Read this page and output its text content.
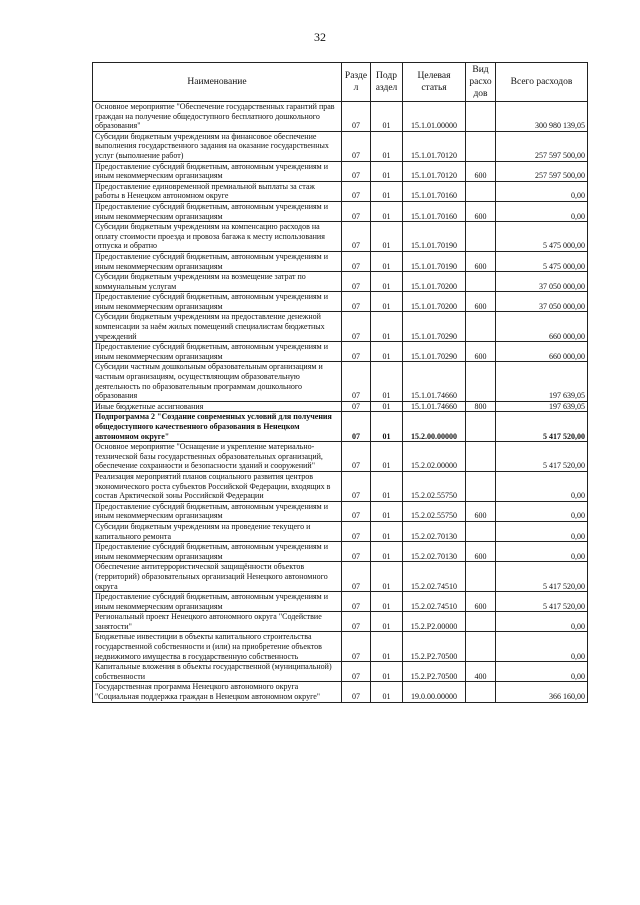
32
Наименование	Разде л	Подр аздел	Целевая статья	Вид расхо дов	Всего расходов
Основное мероприятие "Обеспечение государственных гарантий прав граждан на получение общедоступного бесплатного дошкольного образования"	07	01	15.1.01.00000		300 980 139,05
Субсидии бюджетным учреждениям на финансовое обеспечение выполнения государственного задания на оказание государственных услуг (выполнение работ)	07	01	15.1.01.70120		257 597 500,00
Предоставление субсидий бюджетным, автономным учреждениям и иным некоммерческим организациям	07	01	15.1.01.70120	600	257 597 500,00
Предоставление единовременной премиальной выплаты за стаж работы в Ненецком автономном округе	07	01	15.1.01.70160		0,00
Предоставление субсидий бюджетным, автономным учреждениям и иным некоммерческим организациям	07	01	15.1.01.70160	600	0,00
Субсидии бюджетным учреждениям на компенсацию расходов на оплату стоимости проезда и провоза багажа к месту использования отпуска и обратно	07	01	15.1.01.70190		5 475 000,00
Предоставление субсидий бюджетным, автономным учреждениям и иным некоммерческим организациям	07	01	15.1.01.70190	600	5 475 000,00
Субсидии бюджетным учреждениям на возмещение затрат по коммунальным услугам	07	01	15.1.01.70200		37 050 000,00
Предоставление субсидий бюджетным, автономным учреждениям и иным некоммерческим организациям	07	01	15.1.01.70200	600	37 050 000,00
Субсидии бюджетным учреждениям на предоставление денежной компенсации за наём жилых помещений специалистам бюджетных учреждений	07	01	15.1.01.70290		660 000,00
Предоставление субсидий бюджетным, автономным учреждениям и иным некоммерческим организациям	07	01	15.1.01.70290	600	660 000,00
Субсидии частным дошкольным образовательным организациям и частным организациям, осуществляющим образовательную деятельность по образовательным программам дошкольного образования	07	01	15.1.01.74660		197 639,05
Иные бюджетные ассигнования	07	01	15.1.01.74660	800	197 639,05
Подпрограмма 2 "Создание современных условий для получения общедоступного качественного образования в Ненецком автономном округе"	07	01	15.2.00.00000		5 417 520,00
Основное мероприятие "Оснащение и укрепление материально-технической базы государственных образовательных организаций, обеспечение сохранности и безопасности зданий и сооружений"	07	01	15.2.02.00000		5 417 520,00
Реализация мероприятий планов социального развития центров экономического роста субъектов Российской Федерации, входящих в состав Арктической зоны Российской Федерации	07	01	15.2.02.55750		0,00
Предоставление субсидий бюджетным, автономным учреждениям и иным некоммерческим организациям	07	01	15.2.02.55750	600	0,00
Субсидии бюджетным учреждениям на проведение текущего и капитального ремонта	07	01	15.2.02.70130		0,00
Предоставление субсидий бюджетным, автономным учреждениям и иным некоммерческим организациям	07	01	15.2.02.70130	600	0,00
Обеспечение антитеррористической защищённости объектов (территорий) образовательных организаций Ненецкого автономного округа	07	01	15.2.02.74510		5 417 520,00
Предоставление субсидий бюджетным, автономным учреждениям и иным некоммерческим организациям	07	01	15.2.02.74510	600	5 417 520,00
Региональный проект Ненецкого автономного округа "Содействие занятости"	07	01	15.2.P2.00000		0,00
Бюджетные инвестиции в объекты капитального строительства государственной собственности и (или) на приобретение объектов недвижимого имущества в государственную собственность	07	01	15.2.P2.70500		0,00
Капитальные вложения в объекты государственной (муниципальной) собственности	07	01	15.2.P2.70500	400	0,00
Государственная программа Ненецкого автономного округа "Социальная поддержка граждан в Ненецком автономном округе"	07	01	19.0.00.00000		366 160,00
